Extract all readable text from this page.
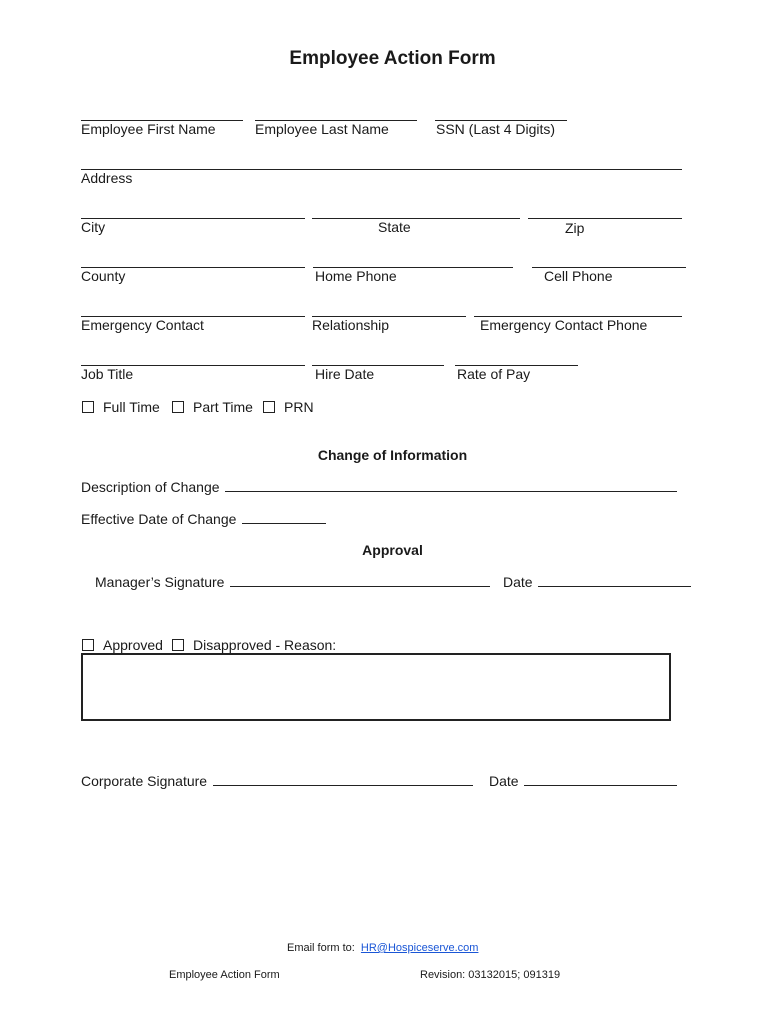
Employee Action Form
Employee First Name	Employee Last Name	SSN (Last 4 Digits)
Address
City	State	Zip
County	Home Phone	Cell Phone
Emergency Contact	Relationship	Emergency Contact Phone
Job Title	Hire Date	Rate of Pay
Full Time Part Time PRN
Change of Information
Description of Change
Effective Date of Change
Approval
Manager’s Signature	Date
Approved Disapproved - Reason:
Corporate Signature	Date
Email form to: HR@Hospiceserve.com
Employee Action Form	Revision: 03132015; 091319
